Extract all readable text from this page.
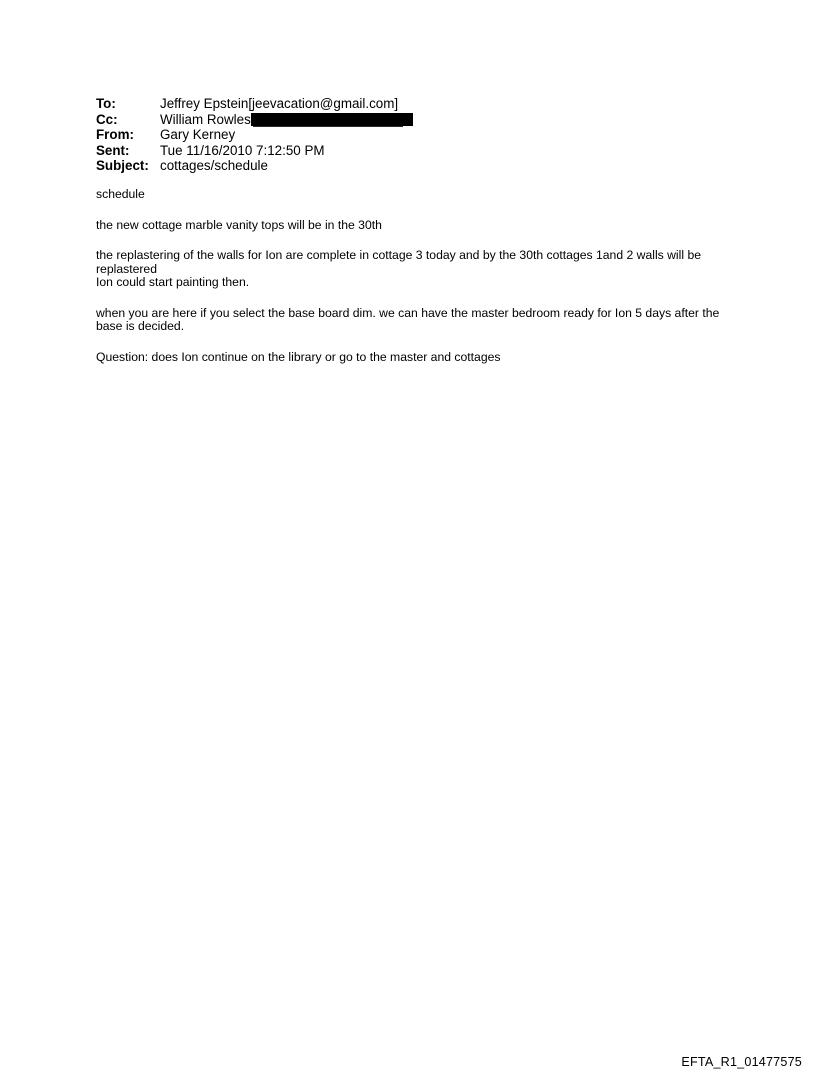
To:	Jeffrey Epstein[jeevacation@gmail.com]
Cc:	William Rowles
From:	Gary Kerney
Sent:	Tue 11/16/2010 7:12:50 PM
Subject: cottages/schedule

schedule

the new cottage marble vanity tops will be in the 30th

the replastering of the walls for Ion are complete in cottage 3 today and by the 30th cottages 1and 2 walls will be replastered

Ion could start painting then.

when you are here if you select the base board dim. we can have the master bedroom ready for Ion 5 days after the base is decided.

Question: does Ion continue on the library or go to the master and cottages

EFTA_R1_01477575
